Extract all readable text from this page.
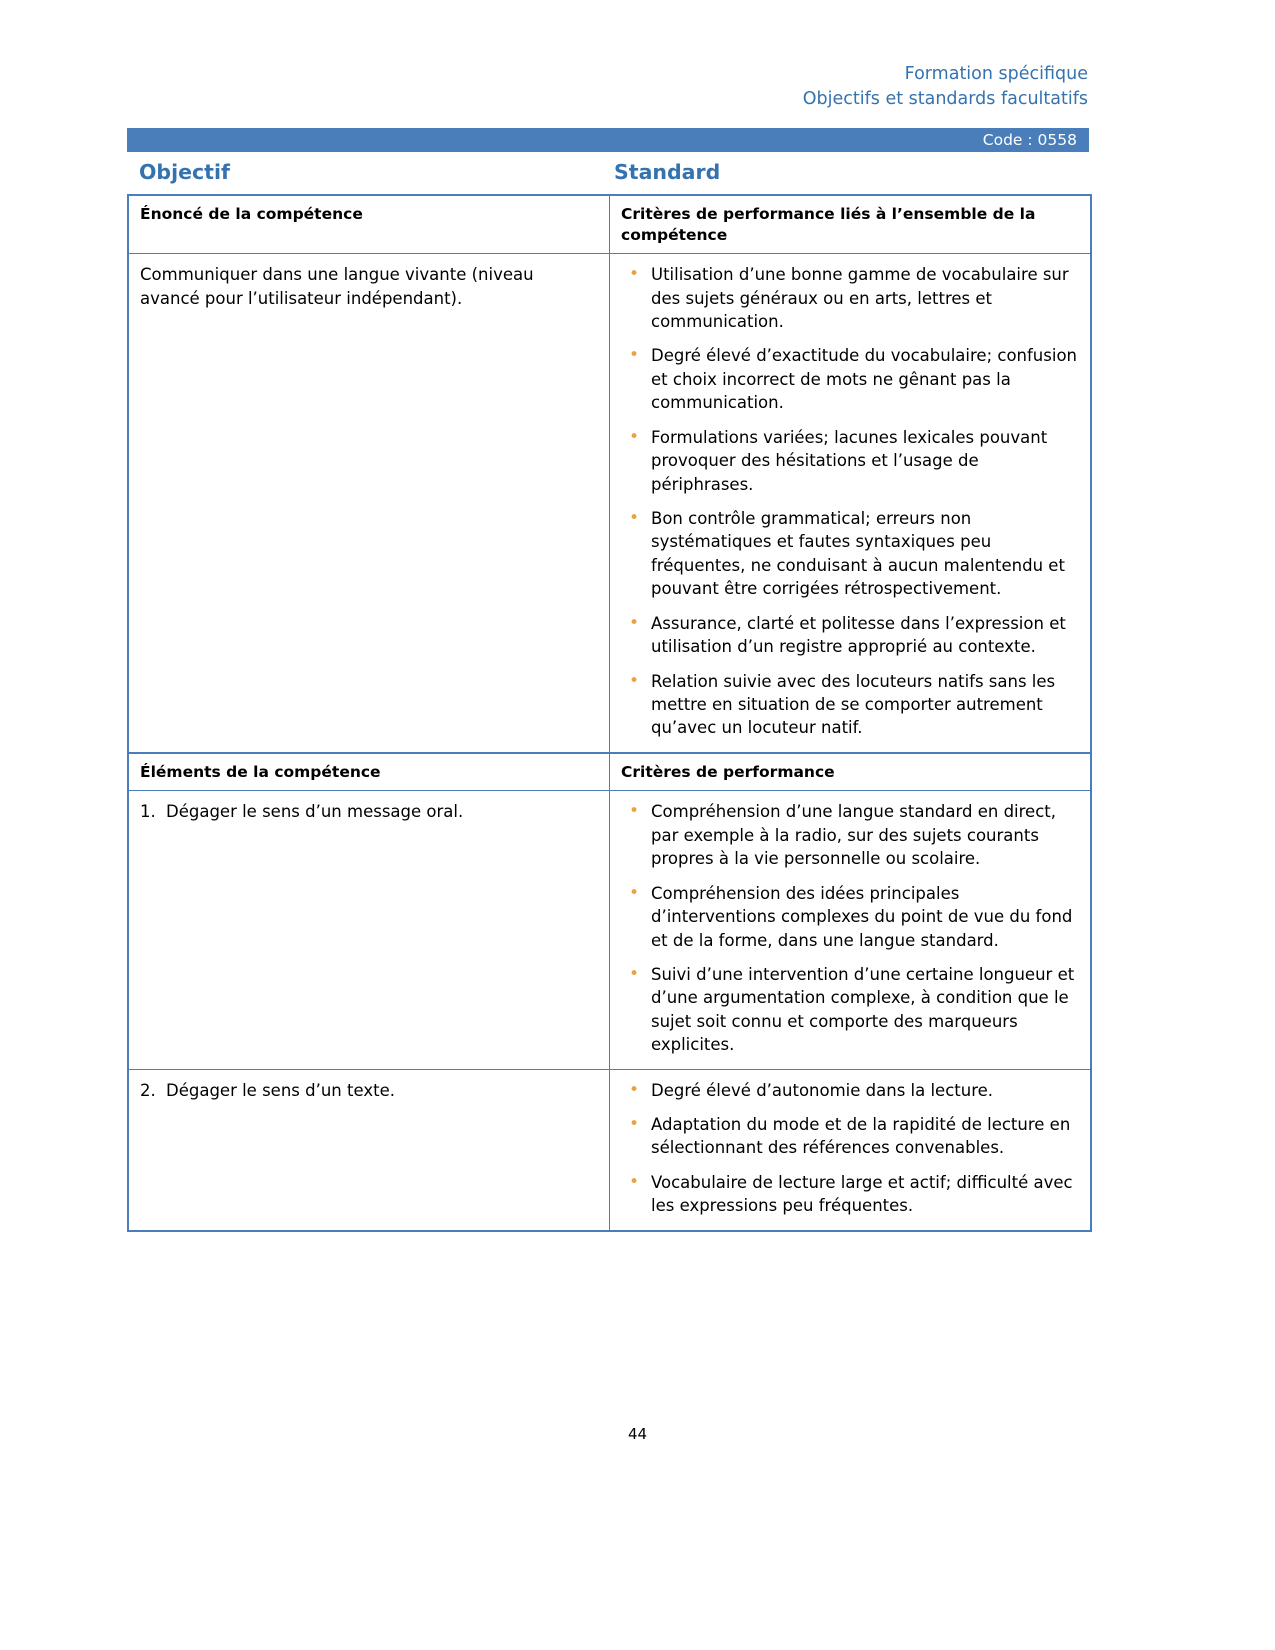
Formation spécifique
Objectifs et standards facultatifs
Code : 0558
Objectif	Standard
Énoncé de la compétence	Critères de performance liés à l’ensemble de la compétence

Communiquer dans une langue vivante (niveau avancé pour l’utilisateur indépendant).

• Utilisation d’une bonne gamme de vocabulaire sur des sujets généraux ou en arts, lettres et communication.
• Degré élevé d’exactitude du vocabulaire; confusion et choix incorrect de mots ne gênant pas la communication.
• Formulations variées; lacunes lexicales pouvant provoquer des hésitations et l’usage de périphrases.
• Bon contrôle grammatical; erreurs non systématiques et fautes syntaxiques peu fréquentes, ne conduisant à aucun malentendu et pouvant être corrigées rétrospectivement.
• Assurance, clarté et politesse dans l’expression et utilisation d’un registre approprié au contexte.
• Relation suivie avec des locuteurs natifs sans les mettre en situation de se comporter autrement qu’avec un locuteur natif.

Éléments de la compétence	Critères de performance

1. Dégager le sens d’un message oral.

•Compréhension d’une langue standard en direct, par exemple à la radio, sur des sujets courants propres à la vie personnelle ou scolaire.
• Compréhension des idées principales d’interventions complexes du point de vue du fond et de la forme, dans une langue standard.
• Suivi d’une intervention d’une certaine longueur et d’une argumentation complexe, à condition que le sujet soit connu et comporte des marqueurs explicites.

2. Dégager le sens d’un texte.

•Degré élevé d’autonomie dans la lecture.
• Adaptation du mode et de la rapidité de lecture en sélectionnant des références convenables.
• Vocabulaire de lecture large et actif; difficulté avec les expressions peu fréquentes.
44
